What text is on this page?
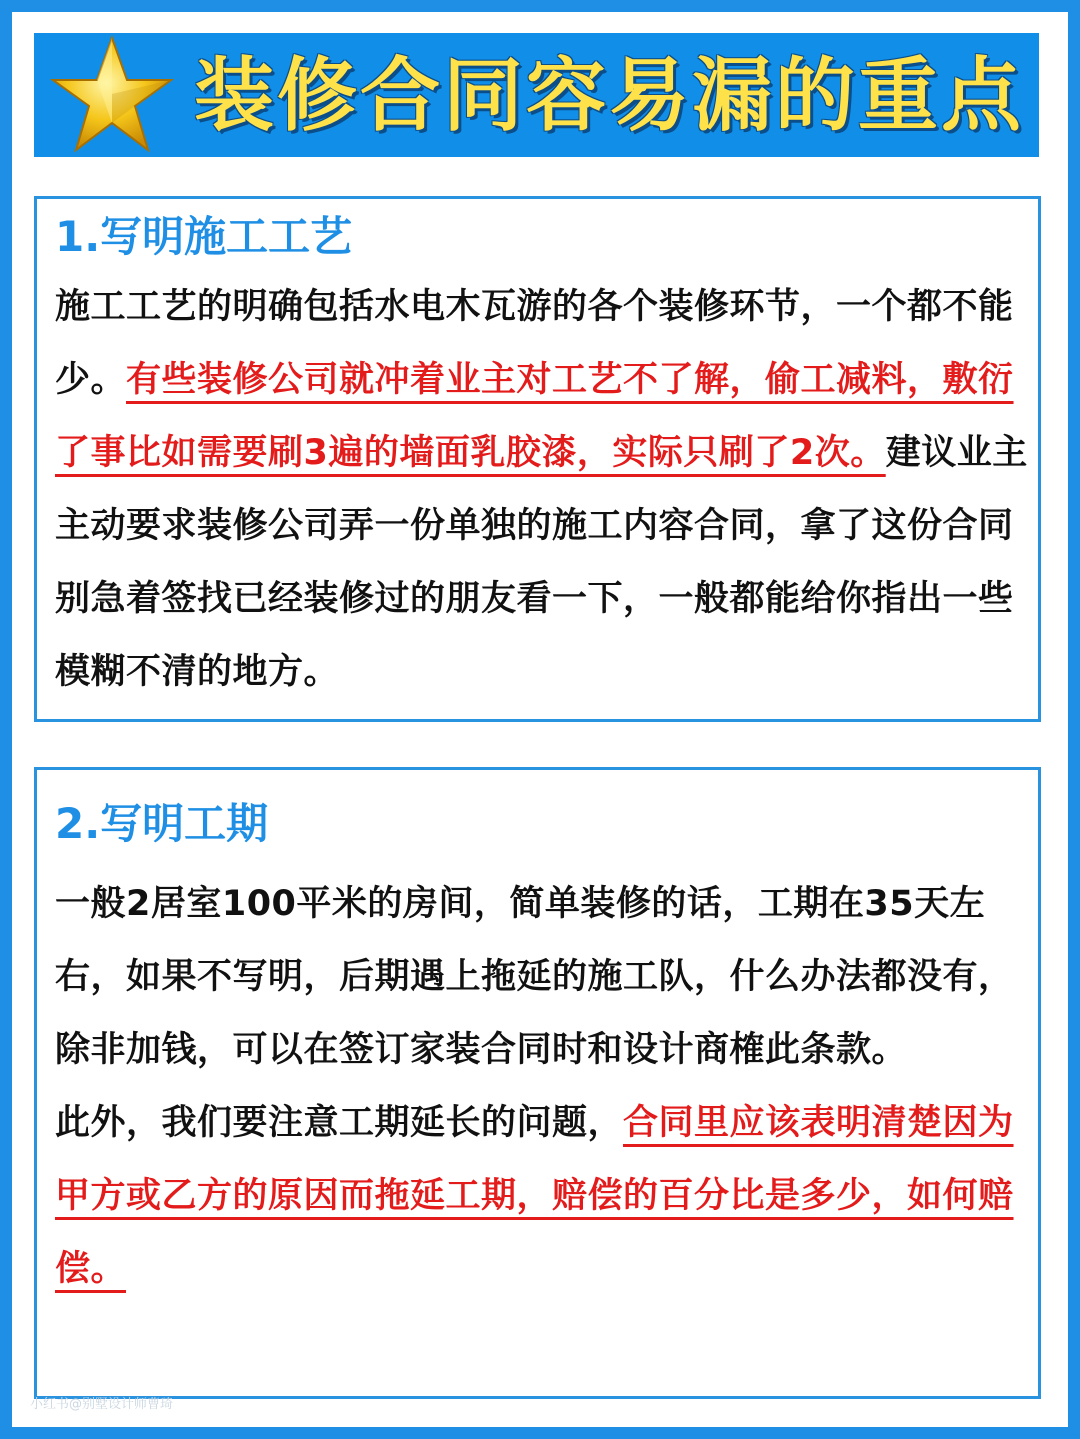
装修合同容易漏的重点
1.写明施工工艺
施工工艺的明确包括水电木瓦游的各个装修环节，一个都不能少。有些装修公司就冲着业主对工艺不了解，偷工减料，敷衍了事比如需要刷3遍的墙面乳胶漆，实际只刷了2次。建议业主主动要求装修公司弄一份单独的施工内容合同，拿了这份合同别急着签找已经装修过的朋友看一下，一般都能给你指出一些模糊不清的地方。
2.写明工期
一般2居室100平米的房间，简单装修的话，工期在35天左右，如果不写明，后期遇上拖延的施工队，什么办法都没有，除非加钱，可以在签订家装合同时和设计商榷此条款。
此外，我们要注意工期延长的问题，合同里应该表明清楚因为甲方或乙方的原因而拖延工期，赔偿的百分比是多少，如何赔偿。
小红书@别墅设计师曹琦
